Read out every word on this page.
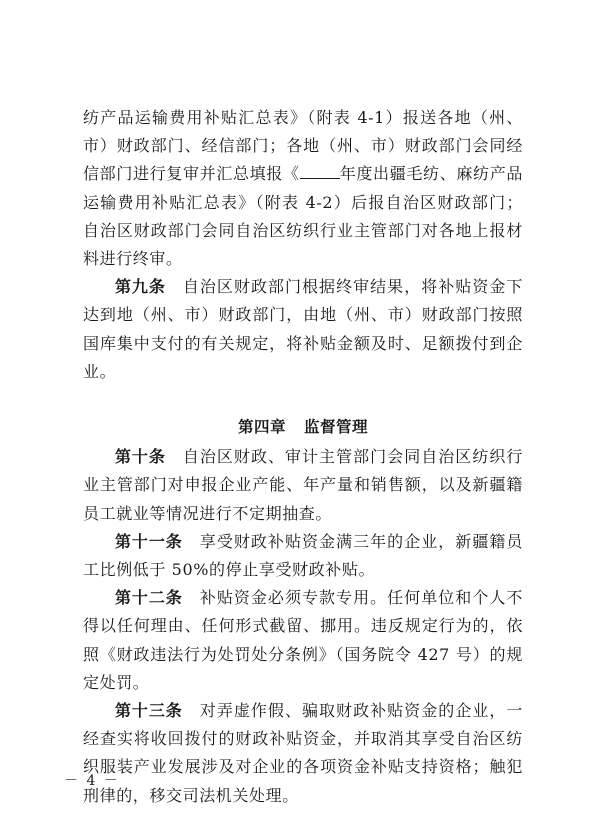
纺产品运输费用补贴汇总表》（附表 4-1）报送各地（州、市）财政部门、经信部门；各地（州、市）财政部门会同经信部门进行复审并汇总填报《	年度出疆毛纺、麻纺产品运输费用补贴汇总表》（附表 4-2）后报自治区财政部门；自治区财政部门会同自治区纺织行业主管部门对各地上报材料进行终审。

第九条　 自治区财政部门根据终审结果，将补贴资金下达到地（州、市）财政部门，由地（州、市）财政部门按照国库集中支付的有关规定，将补贴金额及时、足额拨付到企业。

第四章 监督管理

第十条　 自治区财政、审计主管部门会同自治区纺织行业主管部门对申报企业产能、年产量和销售额，以及新疆籍员工就业等情况进行不定期抽查。

第十一条　 享受财政补贴资金满三年的企业，新疆籍员工比例低于 50%的停止享受财政补贴。

第十二条　 补贴资金必须专款专用。任何单位和个人不得以任何理由、任何形式截留、挪用。违反规定行为的，依照《财政违法行为处罚处分条例》（国务院令 427 号）的规定处罚。

第十三条　 对弄虚作假、骗取财政补贴资金的企业，一经查实将收回拨付的财政补贴资金，并取消其享受自治区纺织服装产业发展涉及对企业的各项资金补贴支持资格；触犯刑律的，移交司法机关处理。

－ 4 －
